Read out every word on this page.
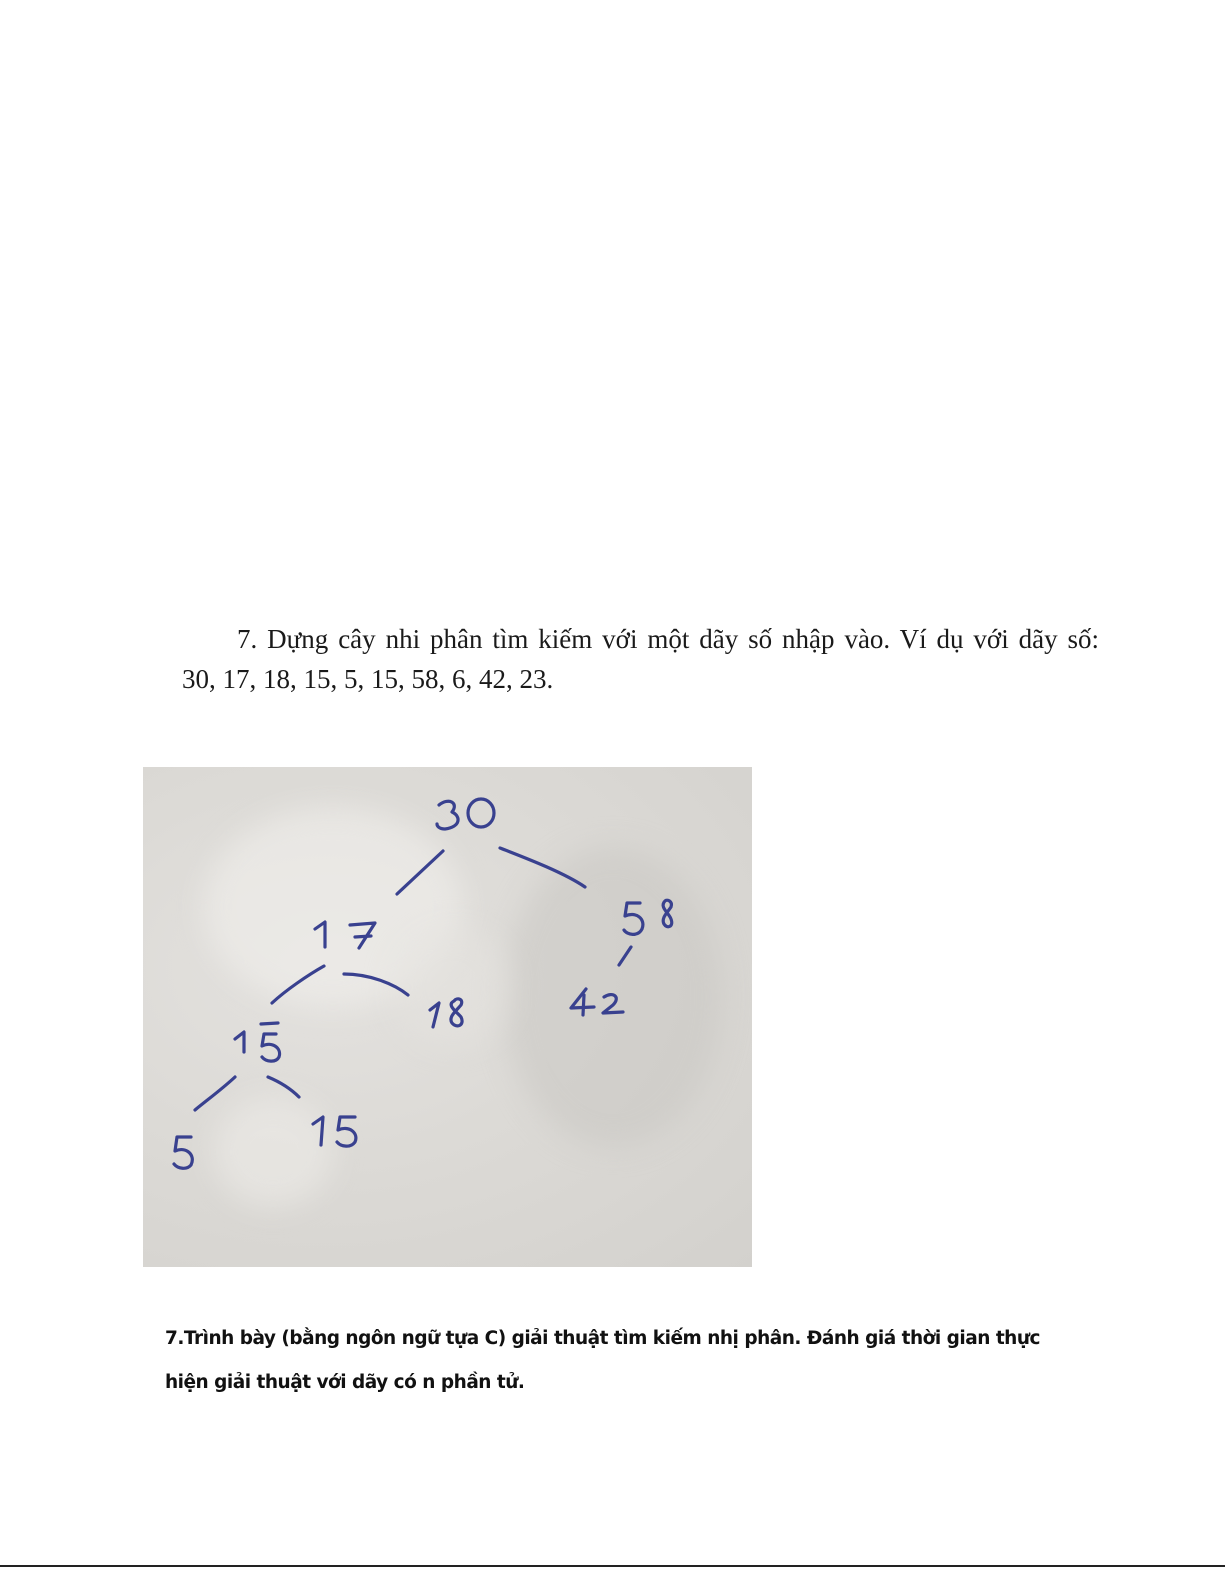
7. Dựng cây nhi phân tìm kiếm với một dãy số nhập vào. Ví dụ với dãy số:
30, 17, 18, 15, 5, 15, 58, 6, 42, 23.
7.Trình bày (bằng ngôn ngữ tựa C) giải thuật tìm kiếm nhị phân. Đánh giá thời gian thực
hiện giải thuật với dãy có n phần tử.
